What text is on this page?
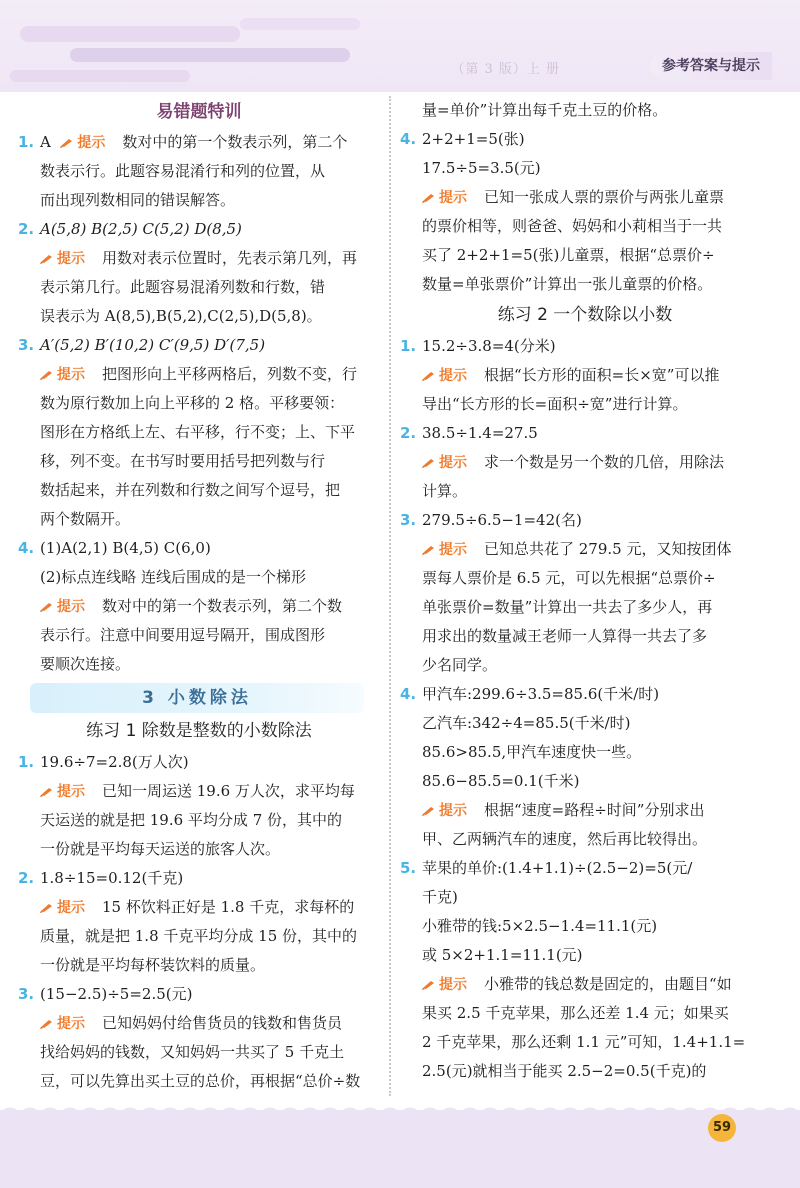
（第 3 版）上 册	参考答案与提示
易错题特训
1. A 提示 数对中的第一个数表示列，第二个
数表示行。此题容易混淆行和列的位置，从
而出现列数相同的错误解答。
2. A(5,8) B(2,5) C(5,2) D(8,5)
提示 用数对表示位置时，先表示第几列，再
表示第几行。此题容易混淆列数和行数，错
误表示为 A(8,5),B(5,2),C(2,5),D(5,8)。
3. A′(5,2) B′(10,2) C′(9,5) D′(7,5)
提示 把图形向上平移两格后，列数不变，行
数为原行数加上向上平移的 2 格。平移要领：
图形在方格纸上左、右平移，行不变；上、下平
移，列不变。在书写时要用括号把列数与行
数括起来，并在列数和行数之间写个逗号，把
两个数隔开。
4. (1)A(2,1) B(4,5) C(6,0)
(2)标点连线略 连线后围成的是一个梯形
提示 数对中的第一个数表示列，第二个数
表示行。注意中间要用逗号隔开，围成图形
要顺次连接。
3 小数除法
练习 1 除数是整数的小数除法
1. 19.6÷7=2.8(万人次)
提示 已知一周运送 19.6 万人次，求平均每
天运送的就是把 19.6 平均分成 7 份，其中的
一份就是平均每天运送的旅客人次。
2. 1.8÷15=0.12(千克)
提示 15 杯饮料正好是 1.8 千克，求每杯的
质量，就是把 1.8 千克平均分成 15 份，其中的
一份就是平均每杯装饮料的质量。
3. (15−2.5)÷5=2.5(元)
提示 已知妈妈付给售货员的钱数和售货员
找给妈妈的钱数，又知妈妈一共买了 5 千克土
豆，可以先算出买土豆的总价，再根据“总价÷数
量=单价”计算出每千克土豆的价格。
4. 2+2+1=5(张)
17.5÷5=3.5(元)
提示 已知一张成人票的票价与两张儿童票
的票价相等，则爸爸、妈妈和小莉相当于一共
买了 2+2+1=5(张)儿童票，根据“总票价÷
数量=单张票价”计算出一张儿童票的价格。
练习 2 一个数除以小数
1. 15.2÷3.8=4(分米)
提示 根据“长方形的面积=长×宽”可以推
导出“长方形的长=面积÷宽”进行计算。
2. 38.5÷1.4=27.5
提示 求一个数是另一个数的几倍，用除法
计算。
3. 279.5÷6.5−1=42(名)
提示 已知总共花了 279.5 元，又知按团体
票每人票价是 6.5 元，可以先根据“总票价÷
单张票价=数量”计算出一共去了多少人，再
用求出的数量减王老师一人算得一共去了多
少名同学。
4. 甲汽车:299.6÷3.5=85.6(千米/时)
乙汽车:342÷4=85.5(千米/时)
85.6>85.5,甲汽车速度快一些。
85.6−85.5=0.1(千米)
提示 根据“速度=路程÷时间”分别求出
甲、乙两辆汽车的速度，然后再比较得出。
5. 苹果的单价:(1.4+1.1)÷(2.5−2)=5(元/
千克)
小雅带的钱:5×2.5−1.4=11.1(元)
或 5×2+1.1=11.1(元)
提示 小雅带的钱总数是固定的，由题目“如
果买 2.5 千克苹果，那么还差 1.4 元；如果买
2 千克苹果，那么还剩 1.1 元”可知，1.4+1.1=
2.5(元)就相当于能买 2.5−2=0.5(千克)的
59
